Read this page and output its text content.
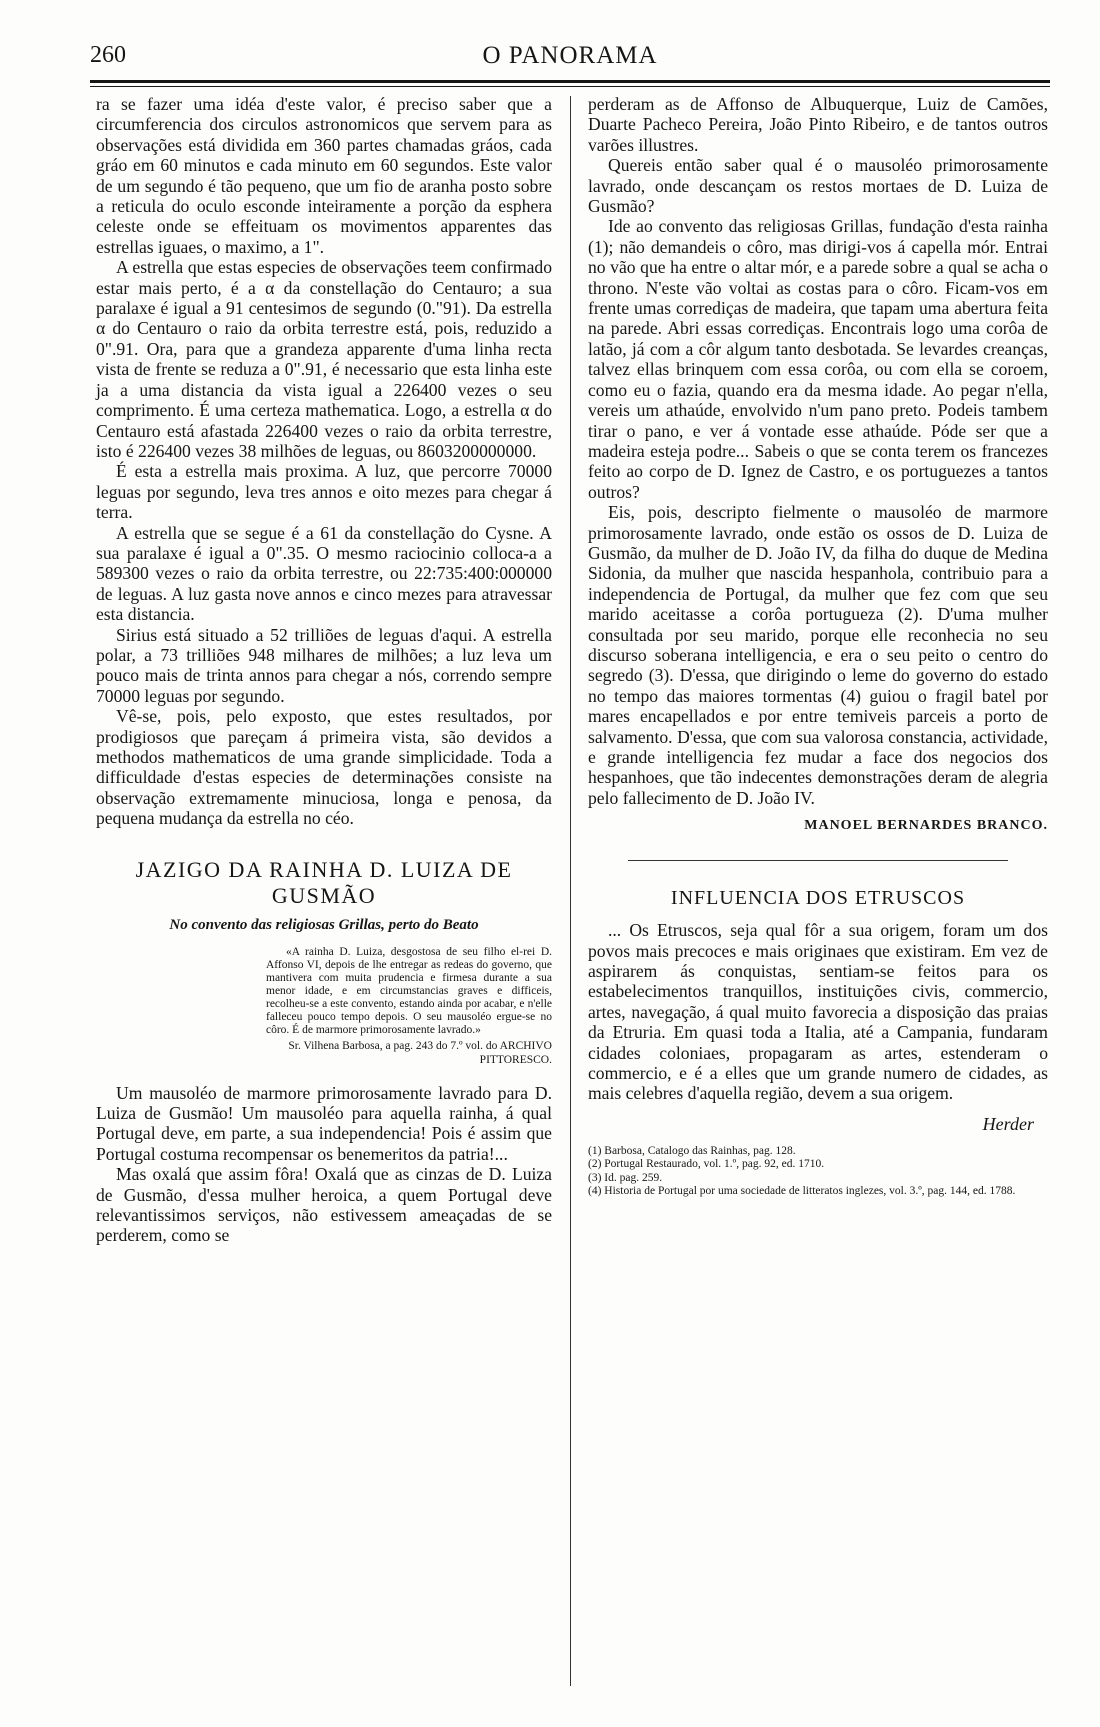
260	O PANORAMA

ra se fazer uma idéa d'este valor, é preciso saber que a circumferencia dos circulos astronomicos que servem para as observações está dividida em 360 partes chamadas gráos, cada gráo em 60 minutos e cada minuto em 60 segundos. Este valor de um segundo é tão pequeno, que um fio de aranha posto sobre a reticula do oculo esconde inteiramente a porção da esphera celeste onde se effeituam os movimentos apparentes das estrellas iguaes, o maximo, a 1".

A estrella que estas especies de observações teem confirmado estar mais perto, é a α da constellação do Centauro; a sua paralaxe é igual a 91 centesimos de segundo (0."91). Da estrella α do Centauro o raio da orbita terrestre está, pois, reduzido a 0".91. Ora, para que a grandeza apparente d'uma linha recta vista de frente se reduza a 0".91, é necessario que esta linha este ja a uma distancia da vista igual a 226400 vezes o seu comprimento. É uma certeza mathematica. Logo, a estrella α do Centauro está afastada 226400 vezes o raio da orbita terrestre, isto é 226400 vezes 38 milhões de leguas, ou 8603200000000.

É esta a estrella mais proxima. A luz, que percorre 70000 leguas por segundo, leva tres annos e oito mezes para chegar á terra.

A estrella que se segue é a 61 da constellação do Cysne. A sua paralaxe é igual a 0".35. O mesmo raciocinio colloca-a a 589300 vezes o raio da orbita terrestre, ou 22:735:400:000000 de leguas. A luz gasta nove annos e cinco mezes para atravessar esta distancia.

Sirius está situado a 52 trilliões de leguas d'aqui. A estrella polar, a 73 trilliões 948 milhares de milhões; a luz leva um pouco mais de trinta annos para chegar a nós, correndo sempre 70000 leguas por segundo.

Vê-se, pois, pelo exposto, que estes resultados, por prodigiosos que pareçam á primeira vista, são devidos a methodos mathematicos de uma grande simplicidade. Toda a difficuldade d'estas especies de determinações consiste na observação extremamente minuciosa, longa e penosa, da pequena mudança da estrella no céo.

JAZIGO DA RAINHA D. LUIZA DE GUSMÃO
No convento das religiosas Grillas, perto do Beato

«A rainha D. Luiza, desgostosa de seu filho el-rei D. Affonso VI, depois de lhe entregar as redeas do governo, que mantivera com muita prudencia e firmesa durante a sua menor idade, e em circumstancias graves e difficeis, recolheu-se a este convento, estando ainda por acabar, e n'elle falleceu pouco tempo depois. O seu mausoléo ergue-se no côro. É de marmore primorosamente lavrado.»

Sr. Vilhena Barbosa, a pag. 243 do 7.º vol. do ARCHIVO PITTORESCO.

Um mausoléo de marmore primorosamente lavrado para D. Luiza de Gusmão! Um mausoléo para aquella rainha, á qual Portugal deve, em parte, a sua independencia! Pois é assim que Portugal costuma recompensar os benemeritos da patria!...

Mas oxalá que assim fôra! Oxalá que as cinzas de D. Luiza de Gusmão, d'essa mulher heroica, a quem Portugal deve relevantissimos serviços, não estivessem ameaçadas de se perderem, como se

perderam as de Affonso de Albuquerque, Luiz de Camões, Duarte Pacheco Pereira, João Pinto Ribeiro, e de tantos outros varões illustres.

Quereis então saber qual é o mausoléo primorosamente lavrado, onde descançam os restos mortaes de D. Luiza de Gusmão?

Ide ao convento das religiosas Grillas, fundação d'esta rainha (1); não demandeis o côro, mas dirigi-vos á capella mór. Entrai no vão que ha entre o altar mór, e a parede sobre a qual se acha o throno. N'este vão voltai as costas para o côro. Ficam-vos em frente umas corrediças de madeira, que tapam uma abertura feita na parede. Abri essas corrediças. Encontrais logo uma corôa de latão, já com a côr algum tanto desbotada. Se levardes creanças, talvez ellas brinquem com essa corôa, ou com ella se coroem, como eu o fazia, quando era da mesma idade. Ao pegar n'ella, vereis um athaúde, envolvido n'um pano preto. Podeis tambem tirar o pano, e ver á vontade esse athaúde. Póde ser que a madeira esteja podre... Sabeis o que se conta terem os francezes feito ao corpo de D. Ignez de Castro, e os portuguezes a tantos outros?

Eis, pois, descripto fielmente o mausoléo de marmore primorosamente lavrado, onde estão os ossos de D. Luiza de Gusmão, da mulher de D. João IV, da filha do duque de Medina Sidonia, da mulher que nascida hespanhola, contribuio para a independencia de Portugal, da mulher que fez com que seu marido aceitasse a corôa portugueza (2). D'uma mulher consultada por seu marido, porque elle reconhecia no seu discurso soberana intelligencia, e era o seu peito o centro do segredo (3). D'essa, que dirigindo o leme do governo do estado no tempo das maiores tormentas (4) guiou o fragil batel por mares encapellados e por entre temiveis parceis a porto de salvamento. D'essa, que com sua valorosa constancia, actividade, e grande intelligencia fez mudar a face dos negocios dos hespanhoes, que tão indecentes demonstrações deram de alegria pelo fallecimento de D. João IV.

MANOEL BERNARDES BRANCO.
INFLUENCIA DOS ETRUSCOS

... Os Etruscos, seja qual fôr a sua origem, foram um dos povos mais precoces e mais originaes que existiram. Em vez de aspirarem ás conquistas, sentiam-se feitos para os estabelecimentos tranquillos, instituições civis, commercio, artes, navegação, á qual muito favorecia a disposição das praias da Etruria. Em quasi toda a Italia, até a Campania, fundaram cidades coloniaes, propagaram as artes, estenderam o commercio, e é a elles que um grande numero de cidades, as mais celebres d'aquella região, devem a sua origem.

Herder

(1) Barbosa, Catalogo das Rainhas, pag. 128.

(2) Portugal Restaurado, vol. 1.º, pag. 92, ed. 1710.

(3) Id. pag. 259.

(4) Historia de Portugal por uma sociedade de litteratos inglezes, vol. 3.º, pag. 144, ed. 1788.
